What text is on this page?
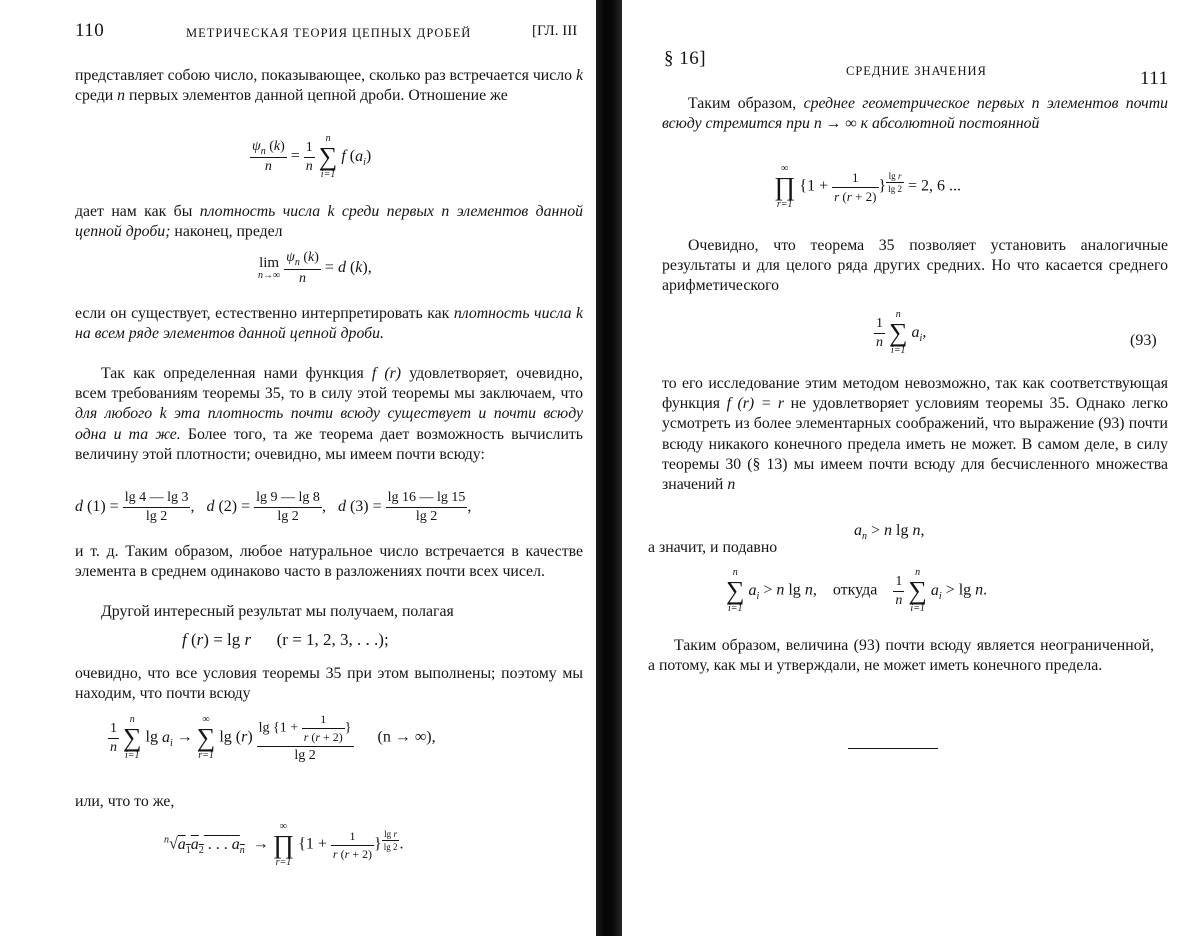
110	МЕТРИЧЕСКАЯ ТЕОРИЯ ЦЕПНЫХ ДРОБЕЙ	[ГЛ. III
представляет собою число, показывающее, сколько раз встречается число k среди n первых элементов данной цепной дроби. Отношение же
$\frac{\psi_n (k)}{n} = \frac{1}{n}$

n
∑
i=1
f $(a_i)$
дает нам как бы плотность числа k среди первых n элементов данной цепной дроби; наконец, предел
lim
n→∞
$\frac{\psi_n (k)}{n} = d$ (k),
если он существует, естественно интерпретировать как плотность числа k на всем ряде элементов данной цепной дроби.
Так как определенная нами функция f (r) удовлетворяет, очевидно, всем требованиям теоремы 35, то в силу этой теоремы мы заключаем, что для любого k эта плотность почти всюду существует и почти всюду одна и та же. Более того, та же теорема дает возможность вычислить величину этой плотности; очевидно, мы имеем почти всюду:
d $(1) = \frac{\lg 4 — \lg 3}{\lg 2}$ ,   d $(2) = \frac{\lg 9 — \lg 8}{\lg 2}$ ,   d $(3) = \frac{\lg 16 — \lg 15}{\lg 2}$ ,
и т. д. Таким образом, любое натуральное число встречается в качестве элемента в среднем одинаково часто в разложениях почти всех чисел.
Другой интересный результат мы получаем, полагая
f (r) = lg r (r = 1, 2, 3, . . .);
очевидно, что все условия теоремы 35 при этом выполнены; поэтому мы находим, что почти всюду
$\frac{1}{n}$

n
∑
i=1
$\lg a_i$ →
∞
∑
r=1
$\lg (r) \frac{\lg \{1 + \frac{1}{r (r + 2)} \}}{\lg 2} (n$ → ∞),
или, что то же,
$^n√a_1a_2$ . . . $a_n$  →
∞
∏
r=1
{$1 + \frac{1}{r (r + 2)}$ } $^{\frac{\text{lg r}}{\lg 2}}$ .
§ 16]
СРЕДНИЕ ЗНАЧЕНИЯ	111
Таким образом, среднее геометрическое первых n элементов почти всюду стремится при n → ∞ к абсолютной постоянной
∞
∏
r=1
{$1 + \frac{1}{r (r + 2)}$ } $^{\frac{\text{lg r}}{\lg 2}}$ = 2, 6 ...
Очевидно, что теорема 35 позволяет установить аналогичные результаты и для целого ряда других средних. Но что касается среднего арифметического
$\frac{1}{n}$

n
∑
i=1
$a_i$,	(93)
то его исследование этим методом невозможно, так как соответствующая функция f (r) = r не удовлетворяет условиям теоремы 35. Однако легко усмотреть из более элементарных соображений, что выражение (93) почти всюду никакого конечного предела иметь не может. В самом деле, в силу теоремы 30 (§ 13) мы имеем почти всюду для бесчисленного множества значений n
$a_n > n$ lg n,
а значит, и подавно
n
∑
i=1
$a_i > n$ lg n,    откуда $\frac{1}{n}$

n
∑
i=1
$a_i > \lg n$.
Таким образом, величина (93) почти всюду является неограниченной, а потому, как мы и утверждали, не может иметь конечного предела.
